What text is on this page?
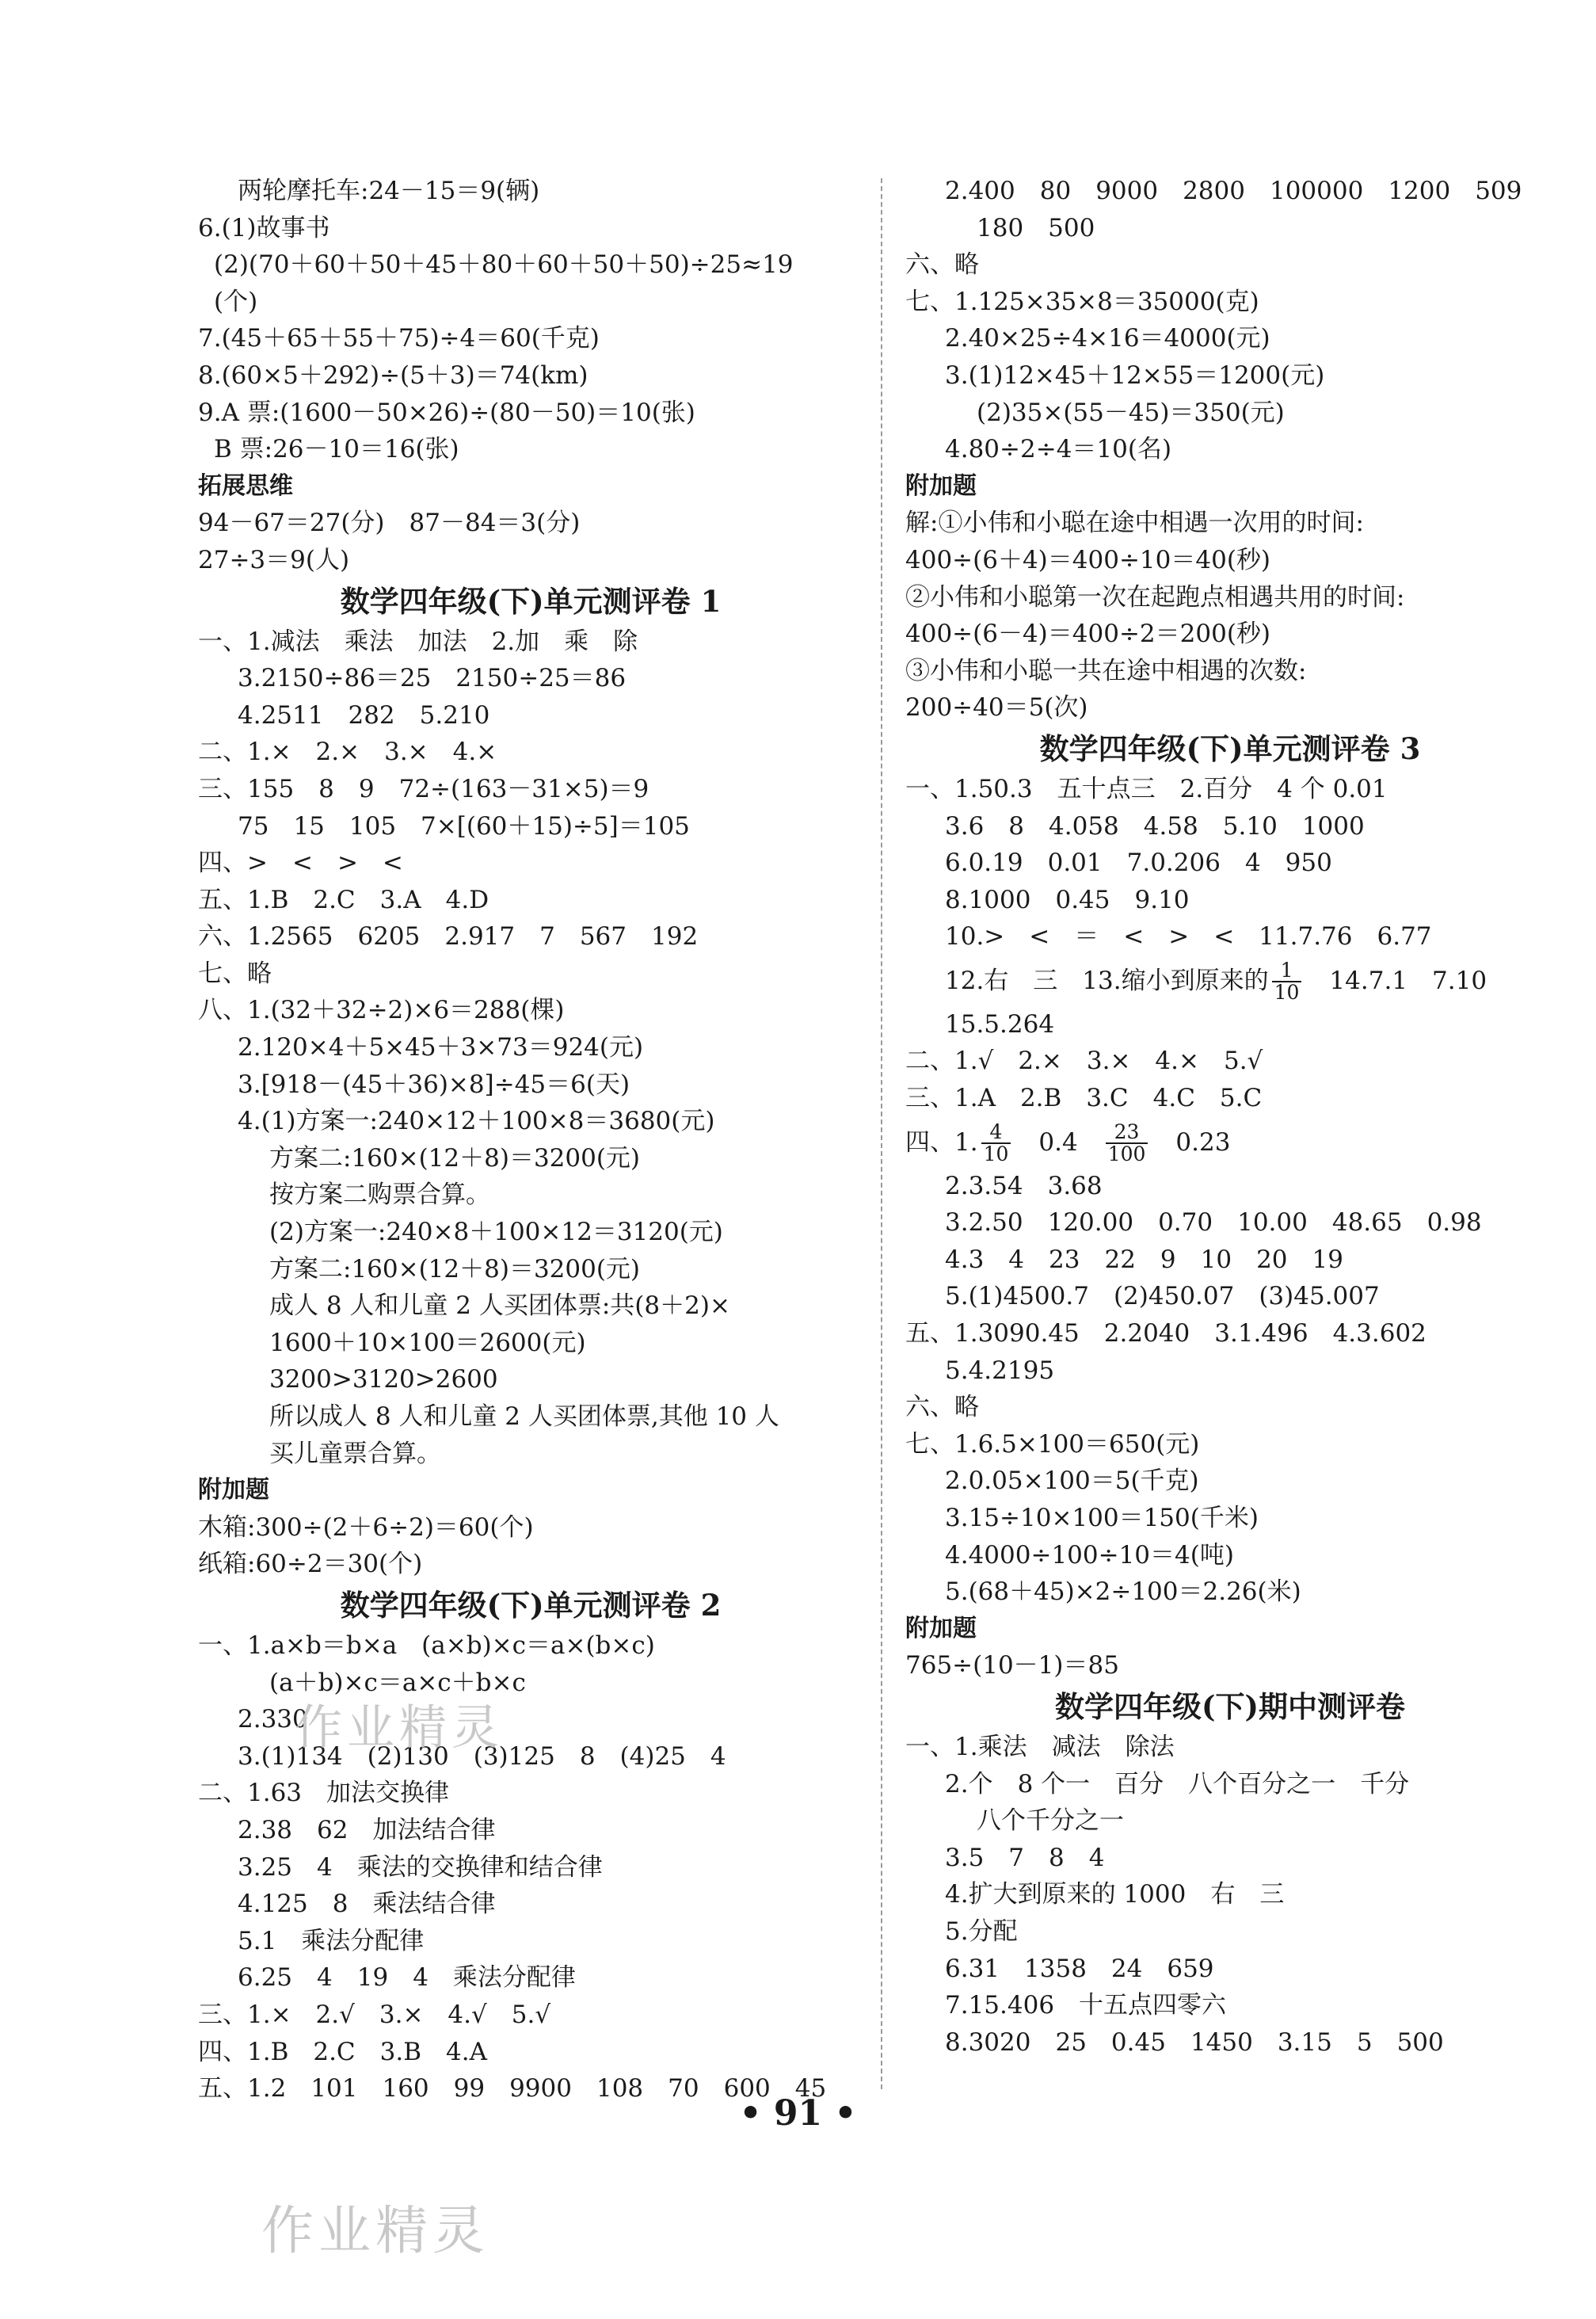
两轮摩托车:24－15＝9(辆)
6.(1)故事书
(2)(70＋60＋50＋45＋80＋60＋50＋50)÷25≈19
(个)
7.(45＋65＋55＋75)÷4＝60(千克)
8.(60×5＋292)÷(5＋3)＝74(km)
9.A 票:(1600－50×26)÷(80－50)＝10(张)
B 票:26－10＝16(张)
拓展思维
94－67＝27(分)　87－84＝3(分)
27÷3＝9(人)
数学四年级(下)单元测评卷 1
一、1.减法　乘法　加法　2.加　乘　除
3.2150÷86＝25　2150÷25＝86
4.2511　282　5.210
二、1.×　2.×　3.×　4.×
三、155　8　9　72÷(163－31×5)＝9
75　15　105　7×[(60＋15)÷5]＝105
四、>　<　>　<
五、1.B　2.C　3.A　4.D
六、1.2565　6205　2.917　7　567　192
七、略
八、1.(32＋32÷2)×6＝288(棵)
2.120×4＋5×45＋3×73＝924(元)
3.[918－(45＋36)×8]÷45＝6(天)
4.(1)方案一:240×12＋100×8＝3680(元)
方案二:160×(12＋8)＝3200(元)
按方案二购票合算。
(2)方案一:240×8＋100×12＝3120(元)
方案二:160×(12＋8)＝3200(元)
成人 8 人和儿童 2 人买团体票:共(8＋2)×
1600＋10×100＝2600(元)
3200>3120>2600
所以成人 8 人和儿童 2 人买团体票,其他 10 人
买儿童票合算。
附加题
木箱:300÷(2＋6÷2)＝60(个)
纸箱:60÷2＝30(个)
数学四年级(下)单元测评卷 2
一、1.a×b＝b×a　(a×b)×c＝a×(b×c)
(a＋b)×c＝a×c＋b×c
2.330
3.(1)134　(2)130　(3)125　8　(4)25　4
二、1.63　加法交换律
2.38　62　加法结合律
3.25　4　乘法的交换律和结合律
4.125　8　乘法结合律
5.1　乘法分配律
6.25　4　19　4　乘法分配律
三、1.×　2.√　3.×　4.√　5.√
四、1.B　2.C　3.B　4.A
五、1.2　101　160　99　9900　108　70　600　45
2.400　80　9000　2800　100000　1200　509
180　500
六、略
七、1.125×35×8＝35000(克)
2.40×25÷4×16＝4000(元)
3.(1)12×45＋12×55＝1200(元)
(2)35×(55－45)＝350(元)
4.80÷2÷4＝10(名)
附加题
解:①小伟和小聪在途中相遇一次用的时间:
400÷(6＋4)＝400÷10＝40(秒)
②小伟和小聪第一次在起跑点相遇共用的时间:
400÷(6－4)＝400÷2＝200(秒)
③小伟和小聪一共在途中相遇的次数:
200÷40＝5(次)
数学四年级(下)单元测评卷 3
一、1.50.3　五十点三　2.百分　4 个 0.01
3.6　8　4.058　4.58　5.10　1000
6.0.19　0.01　7.0.206　4　950
8.1000　0.45　9.10
10.>　<　＝　<　>　<　11.7.76　6.77
12.右　三　13.缩小到原来的 $\frac{1}{10}$ 　14.7.1　7.10
15.5.264
二、1.√　2.×　3.×　4.×　5.√
三、1.A　2.B　3.C　4.C　5.C
四、1. $\frac{4}{10}$ 　0.4　 $\frac{23}{100}$ 　0.23
2.3.54　3.68
3.2.50　120.00　0.70　10.00　48.65　0.98
4.3　4　23　22　9　10　20　19
5.(1)4500.7　(2)450.07　(3)45.007
五、1.3090.45　2.2040　3.1.496　4.3.602
5.4.2195
六、略
七、1.6.5×100＝650(元)
2.0.05×100＝5(千克)
3.15÷10×100＝150(千米)
4.4000÷100÷10＝4(吨)
5.(68＋45)×2÷100＝2.26(米)
附加题
765÷(10－1)＝85
数学四年级(下)期中测评卷
一、1.乘法　减法　除法
2.个　8 个一　百分　八个百分之一　千分
八个千分之一
3.5　7　8　4
4.扩大到原来的 1000　右　三
5.分配
6.31　1358　24　659
7.15.406　十五点四零六
8.3020　25　0.45　1450　3.15　5　500
作业精灵
作业精灵
• 91 •
